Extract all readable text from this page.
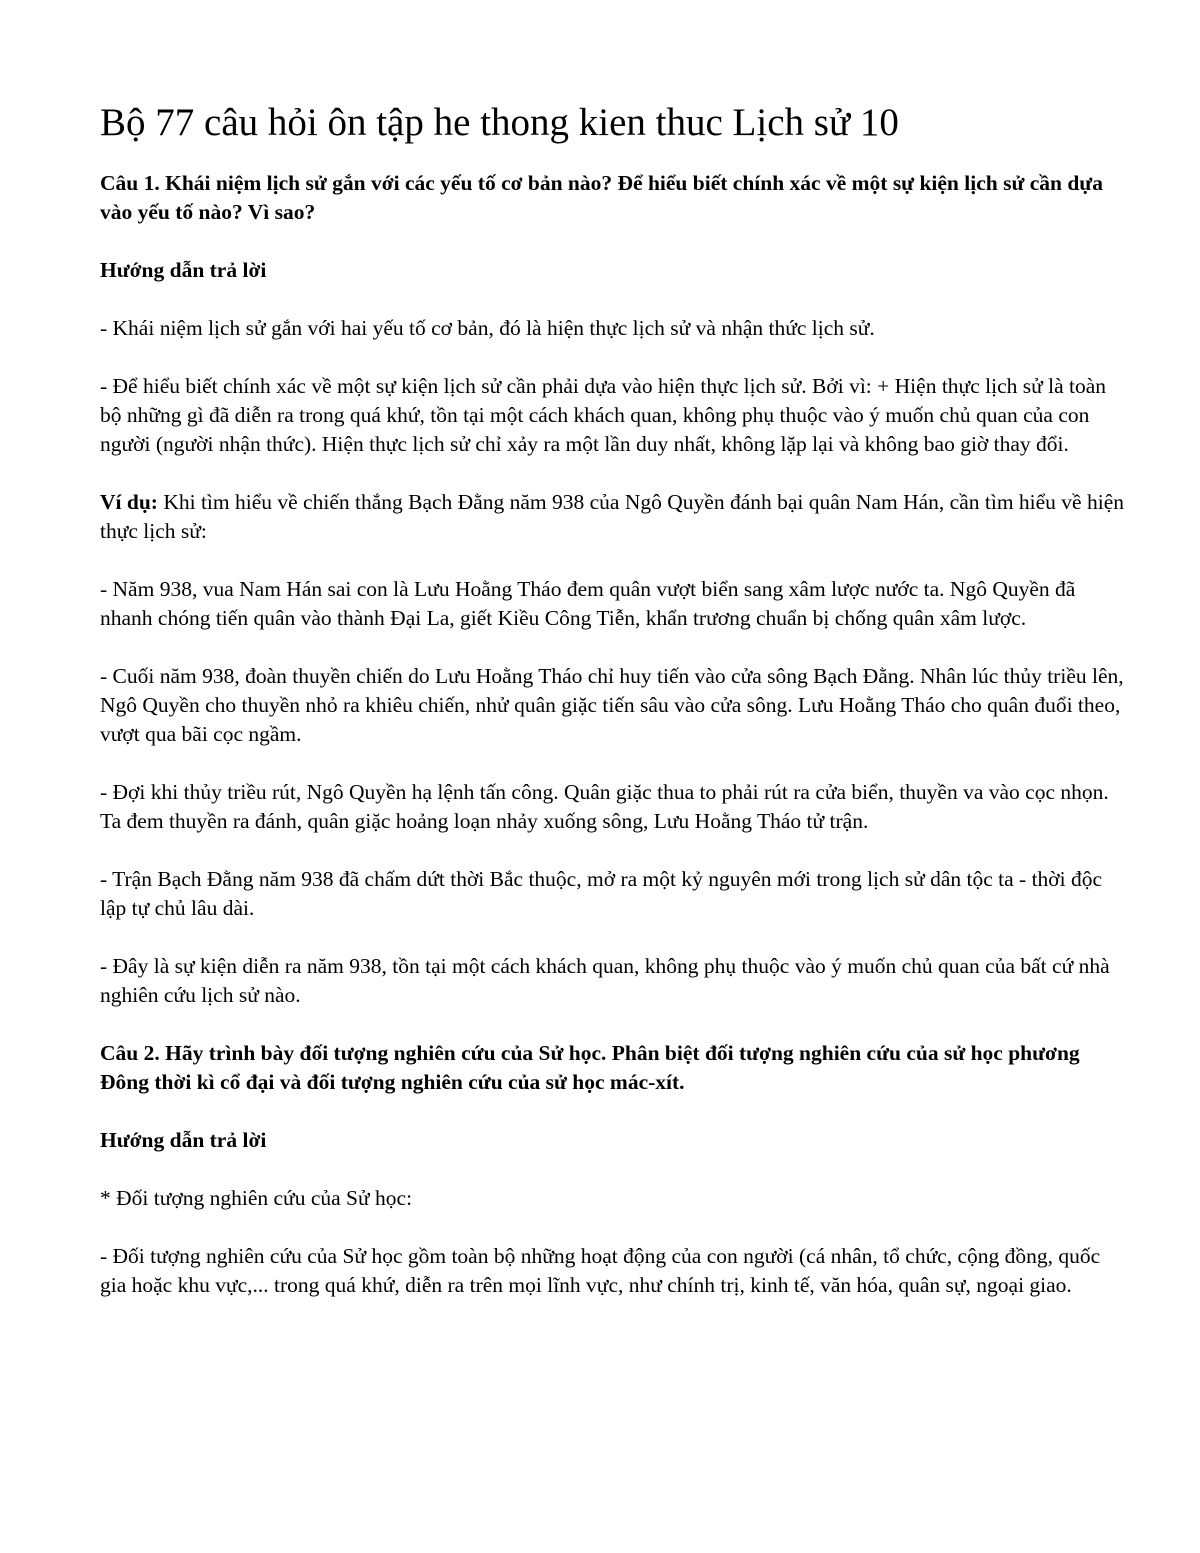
Bộ 77 câu hỏi ôn tập he thong kien thuc Lịch sử 10

Câu 1. Khái niệm lịch sử gắn với các yếu tố cơ bản nào? Để hiểu biết chính xác về một sự kiện lịch sử cần dựa vào yếu tố nào? Vì sao?

Hướng dẫn trả lời

- Khái niệm lịch sử gắn với hai yếu tố cơ bản, đó là hiện thực lịch sử và nhận thức lịch sử.

- Để hiểu biết chính xác về một sự kiện lịch sử cần phải dựa vào hiện thực lịch sử. Bởi vì: + Hiện thực lịch sử là toàn bộ những gì đã diễn ra trong quá khứ, tồn tại một cách khách quan, không phụ thuộc vào ý muốn chủ quan của con người (người nhận thức). Hiện thực lịch sử chỉ xảy ra một lần duy nhất, không lặp lại và không bao giờ thay đổi.

Ví dụ: Khi tìm hiểu về chiến thắng Bạch Đằng năm 938 của Ngô Quyền đánh bại quân Nam Hán, cần tìm hiểu về hiện thực lịch sử:

- Năm 938, vua Nam Hán sai con là Lưu Hoằng Tháo đem quân vượt biển sang xâm lược nước ta. Ngô Quyền đã nhanh chóng tiến quân vào thành Đại La, giết Kiều Công Tiễn, khẩn trương chuẩn bị chống quân xâm lược.

- Cuối năm 938, đoàn thuyền chiến do Lưu Hoằng Tháo chỉ huy tiến vào cửa sông Bạch Đằng. Nhân lúc thủy triều lên, Ngô Quyền cho thuyền nhỏ ra khiêu chiến, nhử quân giặc tiến sâu vào cửa sông. Lưu Hoằng Tháo cho quân đuổi theo, vượt qua bãi cọc ngầm.

- Đợi khi thủy triều rút, Ngô Quyền hạ lệnh tấn công. Quân giặc thua to phải rút ra cửa biển, thuyền va vào cọc nhọn. Ta đem thuyền ra đánh, quân giặc hoảng loạn nhảy xuống sông, Lưu Hoằng Tháo tử trận.

- Trận Bạch Đằng năm 938 đã chấm dứt thời Bắc thuộc, mở ra một kỷ nguyên mới trong lịch sử dân tộc ta - thời độc lập tự chủ lâu dài.

- Đây là sự kiện diễn ra năm 938, tồn tại một cách khách quan, không phụ thuộc vào ý muốn chủ quan của bất cứ nhà nghiên cứu lịch sử nào.

Câu 2. Hãy trình bày đối tượng nghiên cứu của Sử học. Phân biệt đối tượng nghiên cứu của sử học phương Đông thời kì cổ đại và đối tượng nghiên cứu của sử học mác-xít.

Hướng dẫn trả lời

* Đối tượng nghiên cứu của Sử học:

- Đối tượng nghiên cứu của Sử học gồm toàn bộ những hoạt động của con người (cá nhân, tổ chức, cộng đồng, quốc gia hoặc khu vực,... trong quá khứ, diễn ra trên mọi lĩnh vực, như chính trị, kinh tế, văn hóa, quân sự, ngoại giao.
